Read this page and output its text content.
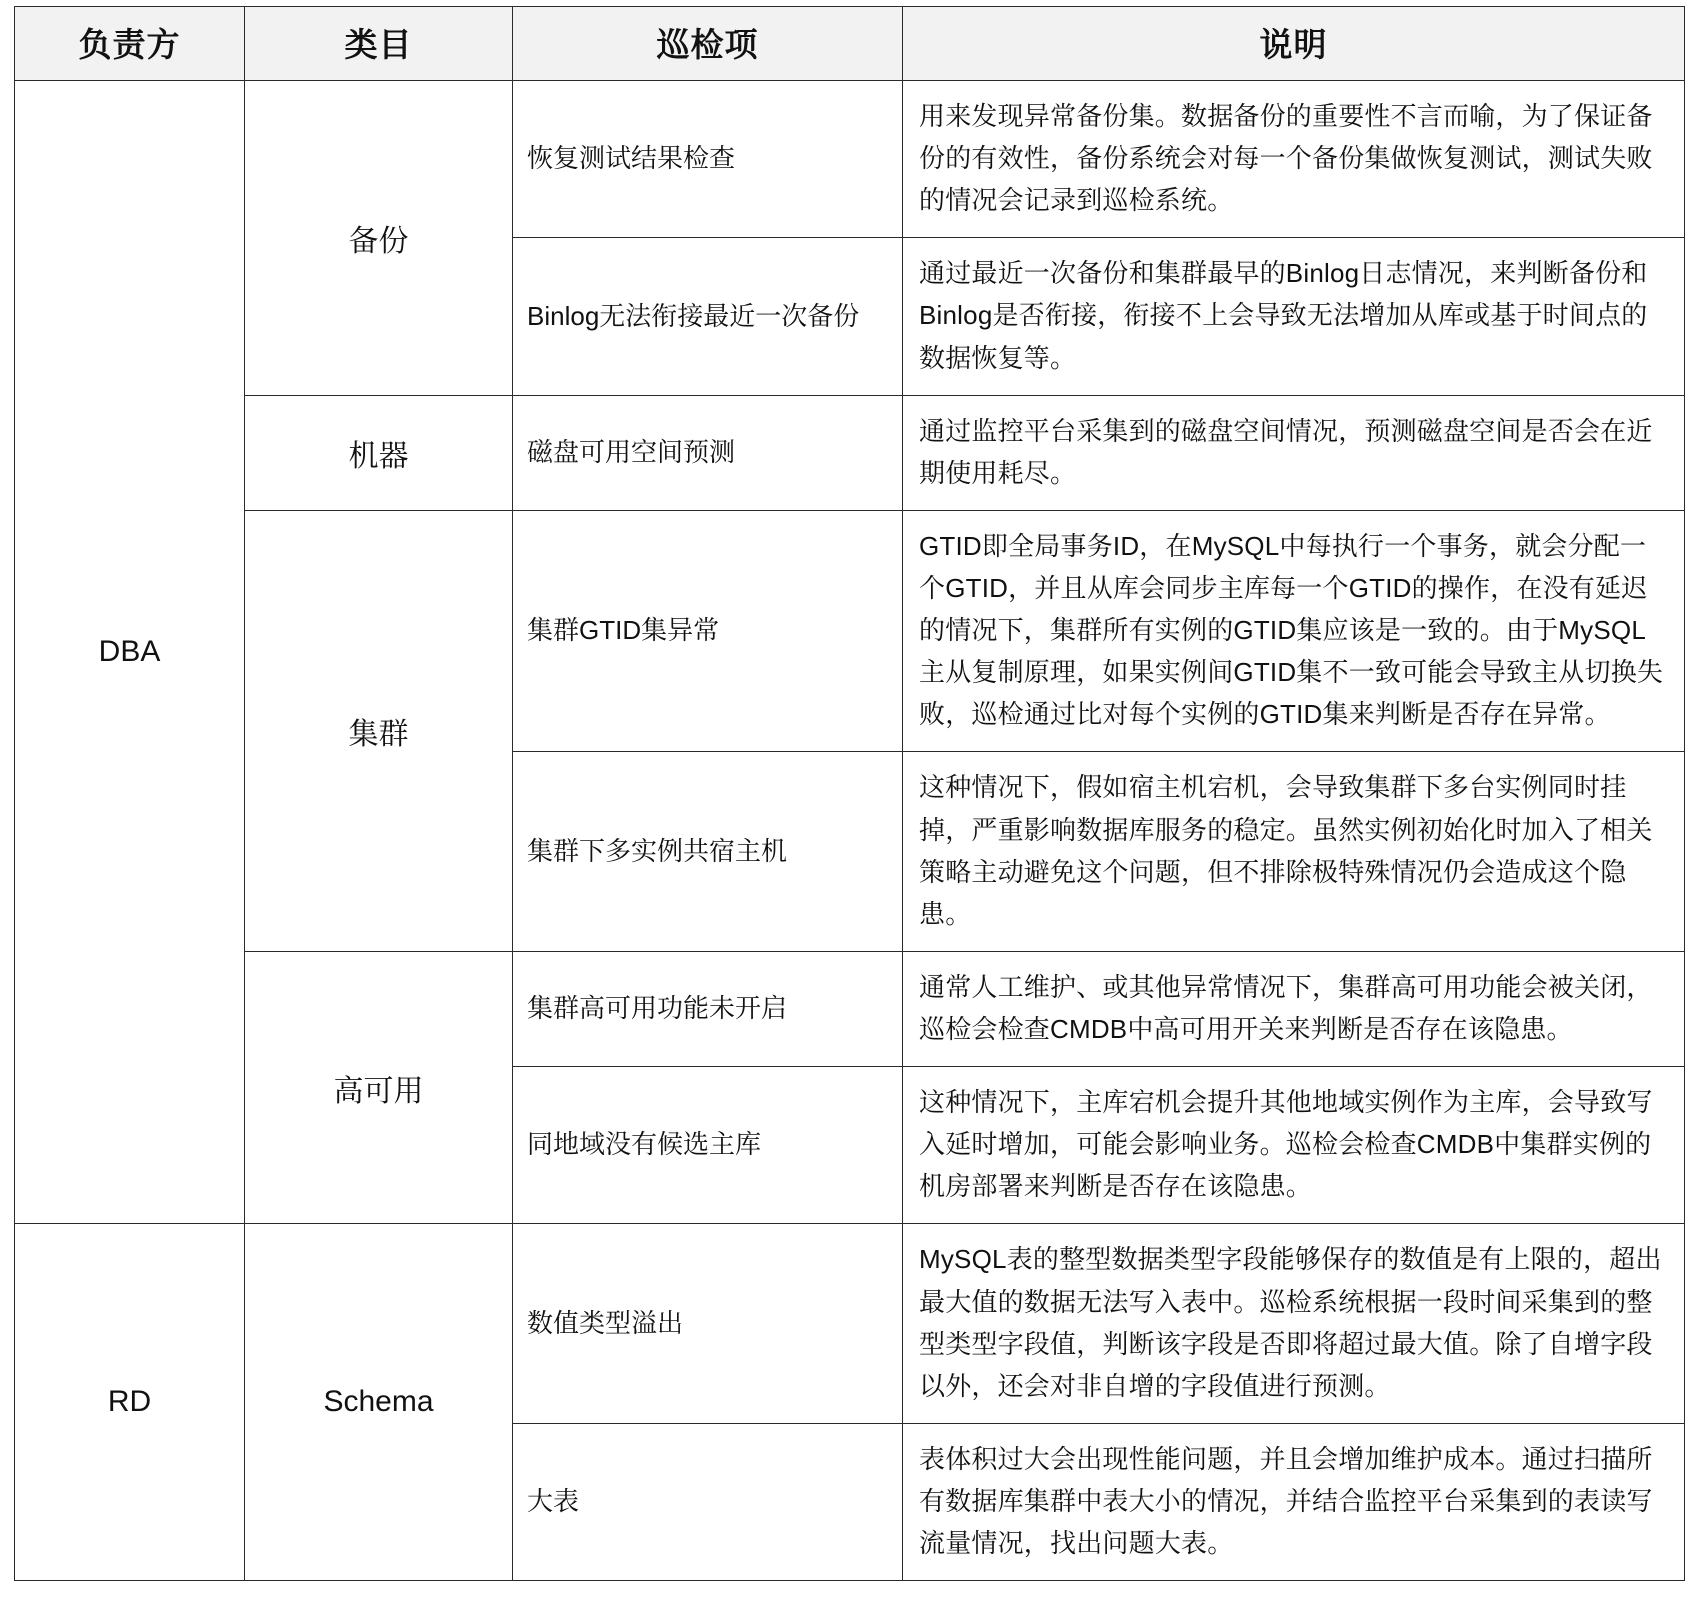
负责方	类目	巡检项	说明
DBA	备份	恢复测试结果检查	用来发现异常备份集。数据备份的重要性不言而喻，为了保证备份的有效性，备份系统会对每一个备份集做恢复测试，测试失败的情况会记录到巡检系统。
		Binlog无法衔接最近一次备份	通过最近一次备份和集群最早的Binlog日志情况，来判断备份和Binlog是否衔接，衔接不上会导致无法增加从库或基于时间点的数据恢复等。
	机器	磁盘可用空间预测	通过监控平台采集到的磁盘空间情况，预测磁盘空间是否会在近期使用耗尽。
	集群	集群GTID集异常	GTID即全局事务ID，在MySQL中每执行一个事务，就会分配一个GTID，并且从库会同步主库每一个GTID的操作，在没有延迟的情况下，集群所有实例的GTID集应该是一致的。由于MySQL主从复制原理，如果实例间GTID集不一致可能会导致主从切换失败，巡检通过比对每个实例的GTID集来判断是否存在异常。
		集群下多实例共宿主机	这种情况下，假如宿主机宕机，会导致集群下多台实例同时挂掉，严重影响数据库服务的稳定。虽然实例初始化时加入了相关策略主动避免这个问题，但不排除极特殊情况仍会造成这个隐患。
	高可用	集群高可用功能未开启	通常人工维护、或其他异常情况下，集群高可用功能会被关闭，巡检会检查CMDB中高可用开关来判断是否存在该隐患。
		同地域没有候选主库	这种情况下，主库宕机会提升其他地域实例作为主库，会导致写入延时增加，可能会影响业务。巡检会检查CMDB中集群实例的机房部署来判断是否存在该隐患。
RD	Schema	数值类型溢出	MySQL表的整型数据类型字段能够保存的数值是有上限的，超出最大值的数据无法写入表中。巡检系统根据一段时间采集到的整型类型字段值，判断该字段是否即将超过最大值。除了自增字段以外，还会对非自增的字段值进行预测。
		大表	表体积过大会出现性能问题，并且会增加维护成本。通过扫描所有数据库集群中表大小的情况，并结合监控平台采集到的表读写流量情况，找出问题大表。
